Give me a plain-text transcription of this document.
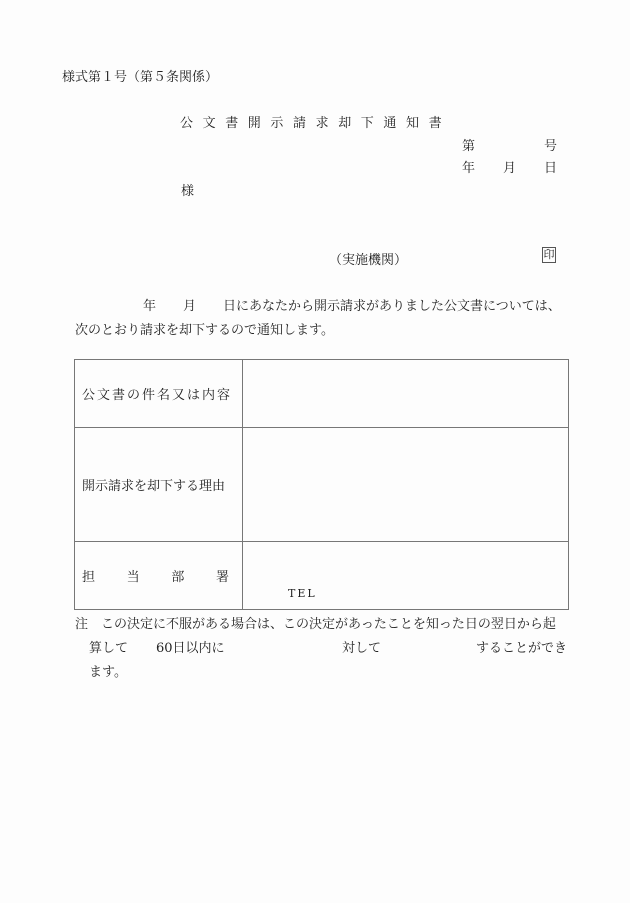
様式第１号（第５条関係）
公文書開示請求却下通知書
第	号
年 月 日
様
（実施機関）	印
年 月 日にあなたから開示請求がありました公文書については、
次のとおり請求を却下するので通知します。
公文書の件名又は内容	
開示請求を却下する理由	

担 当 部 署	$_{TEL}$
注　この決定に不服がある場合は、この決定があったことを知った日の翌日から起
算して 60日以内に	対して	することができ
ます。
